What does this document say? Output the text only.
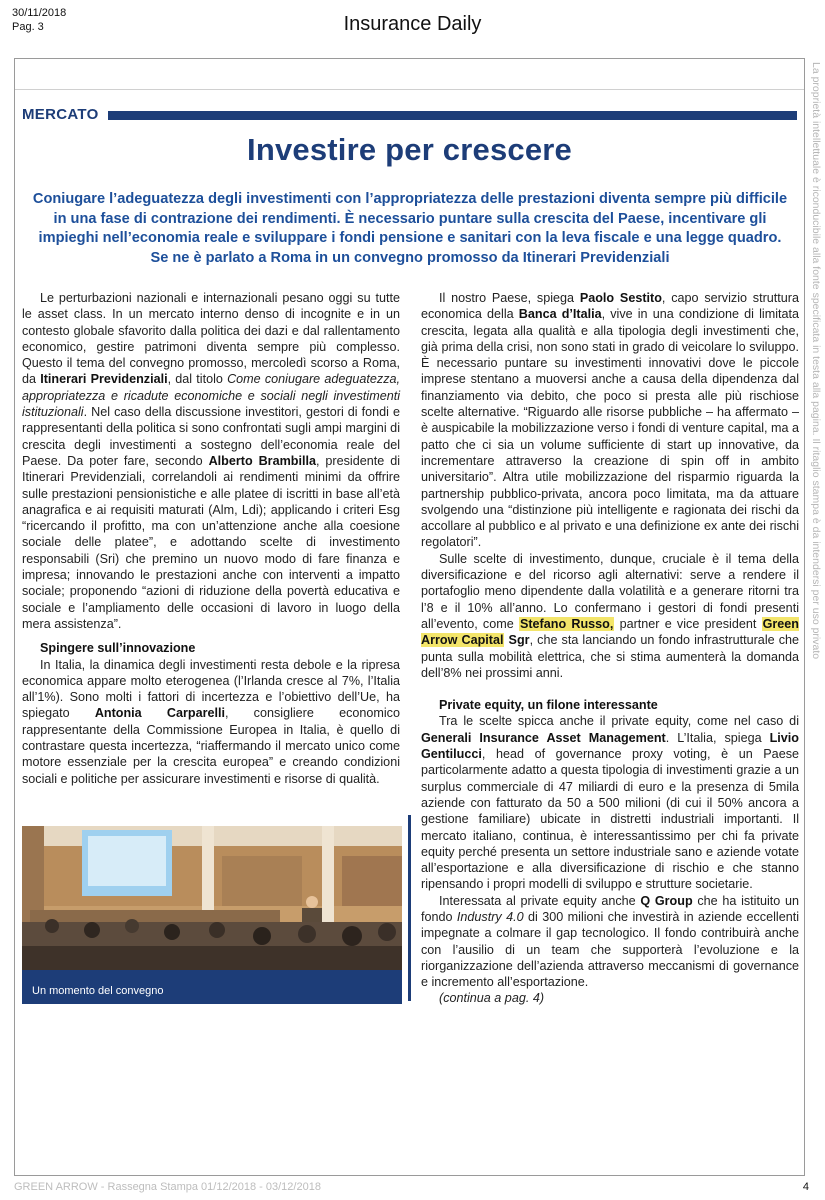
30/11/2018
Pag. 3	Insurance Daily
La proprietà intellettuale è riconducibile alla fonte specificata in testa alla pagina. Il ritaglio stampa è da intendersi per uso privato
MERCATO
Investire per crescere
Coniugare l’adeguatezza degli investimenti con l’appropriatezza delle prestazioni diventa sempre più difficile in una fase di contrazione dei rendimenti. È necessario puntare sulla crescita del Paese, incentivare gli impieghi nell’economia reale e sviluppare i fondi pensione e sanitari con la leva fiscale e una legge quadro. Se ne è parlato a Roma in un convegno promosso da Itinerari Previdenziali

Le perturbazioni nazionali e internazionali pesano oggi su tutte le asset class. In un mercato interno denso di incognite e in un contesto globale sfavorito dalla politica dei dazi e dal rallentamento economico, gestire patrimoni diventa sempre più complesso. Questo il tema del convegno promosso, mercoledì scorso a Roma, da Itinerari Previdenziali, dal titolo Come coniugare adeguatezza, appropriatezza e ricadute economiche e sociali negli investimenti istituzionali. Nel caso della discussione investitori, gestori di fondi e rappresentanti della politica si sono confrontati sugli ampi margini di crescita degli investimenti a sostegno dell’economia reale del Paese. Da poter fare, secondo Alberto Brambilla, presidente di Itinerari Previdenziali, correlandoli ai rendimenti minimi da offrire sulle prestazioni pensionistiche e alle platee di iscritti in base all’età anagrafica e ai requisiti maturati (Alm, Ldi); applicando i criteri Esg “ricercando il profitto, ma con un’attenzione anche alla coesione sociale delle platee”, e adottando scelte di investimento responsabili (Sri) che premino un nuovo modo di fare finanza e impresa; innovando le prestazioni anche con interventi a impatto sociale; proponendo “azioni di riduzione della povertà educativa e sociale e l’ampliamento delle occasioni di lavoro in luogo della mera assistenza”.

Spingere sull’innovazione

In Italia, la dinamica degli investimenti resta debole e la ripresa economica appare molto eterogenea (l’Irlanda cresce al 7%, l’Italia all’1%). Sono molti i fattori di incertezza e l’obiettivo dell’Ue, ha spiegato Antonia Carparelli, consigliere economico rappresentante della Commissione Europea in Italia, è quello di contrastare questa incertezza, “riaffermando il mercato unico come motore essenziale per la crescita europea” e creando condizioni sociali e politiche per assicurare investimenti e risorse di qualità.

Un momento del convegno

Il nostro Paese, spiega Paolo Sestito, capo servizio struttura economica della Banca d’Italia, vive in una condizione di limitata crescita, legata alla qualità e alla tipologia degli investimenti che, già prima della crisi, non sono stati in grado di veicolare lo sviluppo. È necessario puntare su investimenti innovativi dove le piccole imprese stentano a muoversi anche a causa della dipendenza dal finanziamento via debito, che poco si presta alle più rischiose scelte alternative. “Riguardo alle risorse pubbliche – ha affermato – è auspicabile la mobilizzazione verso i fondi di venture capital, ma a patto che ci sia un volume sufficiente di start up innovative, da incrementare attraverso la creazione di spin off in ambito universitario”. Altra utile mobilizzazione del risparmio riguarda la partnership pubblico-privata, ancora poco limitata, ma da attuare svolgendo una “distinzione più intelligente e ragionata dei rischi da accollare al pubblico e al privato e una definizione ex ante dei rischi regolatori”.

Sulle scelte di investimento, dunque, cruciale è il tema della diversificazione e del ricorso agli alternativi: serve a rendere il portafoglio meno dipendente dalla volatilità e a generare ritorni tra l’8 e il 10% all’anno. Lo confermano i gestori di fondi presenti all’evento, come Stefano Russo, partner e vice president Green Arrow Capital Sgr, che sta lanciando un fondo infrastrutturale che punta sulla mobilità elettrica, che si stima aumenterà la domanda dell’8% nei prossimi anni.

Private equity, un filone interessante

Tra le scelte spicca anche il private equity, come nel caso di Generali Insurance Asset Management. L’Italia, spiega Livio Gentilucci, head of governance proxy voting, è un Paese particolarmente adatto a questa tipologia di investimenti grazie a un surplus commerciale di 47 miliardi di euro e la presenza di 5mila aziende con fatturato da 50 a 500 milioni (di cui il 50% ancora a gestione familiare) ubicate in distretti industriali importanti. Il mercato italiano, continua, è interessantissimo per chi fa private equity perché presenta un settore industriale sano e aziende votate all’esportazione e alla diversificazione di rischio e che stanno ripensando i propri modelli di sviluppo e strutture societarie.

Interessata al private equity anche Q Group che ha istituito un fondo Industry 4.0 di 300 milioni che investirà in aziende eccellenti impegnate a colmare il gap tecnologico. Il fondo contribuirà anche con l’ausilio di un team che supporterà l’evoluzione e la riorganizzazione dell’azienda attraverso meccanismi di governance e incremento all’esportazione.

(continua a pag. 4)

GREEN ARROW - Rassegna Stampa 01/12/2018 - 03/12/2018	4
